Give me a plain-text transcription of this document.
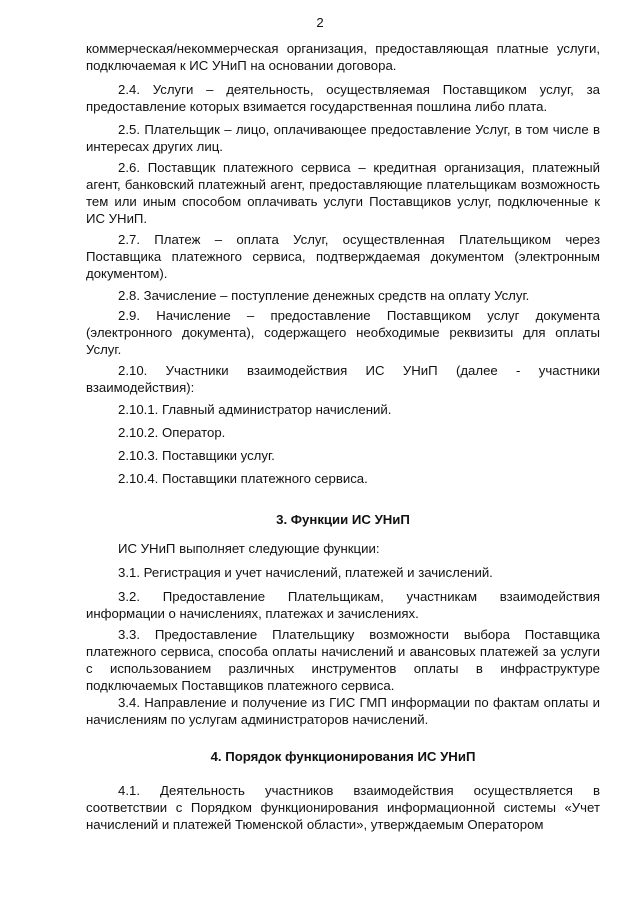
2

коммерческая/некоммерческая организация, предоставляющая платные услуги, подключаемая к ИС УНиП на основании договора.

2.4. Услуги – деятельность, осуществляемая Поставщиком услуг, за предоставление которых взимается государственная пошлина либо плата.

2.5. Плательщик – лицо, оплачивающее предоставление Услуг, в том числе в интересах других лиц.

2.6. Поставщик платежного сервиса – кредитная организация, платежный агент, банковский платежный агент, предоставляющие плательщикам возможность тем или иным способом оплачивать услуги Поставщиков услуг, подключенные к ИС УНиП.

2.7. Платеж – оплата Услуг, осуществленная Плательщиком через Поставщика платежного сервиса, подтверждаемая документом (электронным документом).

2.8. Зачисление – поступление денежных средств на оплату Услуг.

2.9. Начисление – предоставление Поставщиком услуг документа (электронного документа), содержащего необходимые реквизиты для оплаты Услуг.

2.10. Участники взаимодействия ИС УНиП (далее - участники взаимодействия):

2.10.1. Главный администратор начислений.
2.10.2. Оператор.
2.10.3. Поставщики услуг.
2.10.4. Поставщики платежного сервиса.
3. Функции ИС УНиП
ИС УНиП выполняет следующие функции:
3.1. Регистрация и учет начислений, платежей и зачислений.

3.2. Предоставление Плательщикам, участникам взаимодействия информации о начислениях, платежах и зачислениях.

3.3. Предоставление Плательщику возможности выбора Поставщика платежного сервиса, способа оплаты начислений и авансовых платежей за услуги с использованием различных инструментов оплаты в инфраструктуре подключаемых Поставщиков платежного сервиса.

3.4. Направление и получение из ГИС ГМП информации по фактам оплаты и начислениям по услугам администраторов начислений.

4. Порядок функционирования ИС УНиП

4.1. Деятельность участников взаимодействия осуществляется в соответствии с Порядком функционирования информационной системы «Учет начислений и платежей Тюменской области», утверждаемым Оператором
